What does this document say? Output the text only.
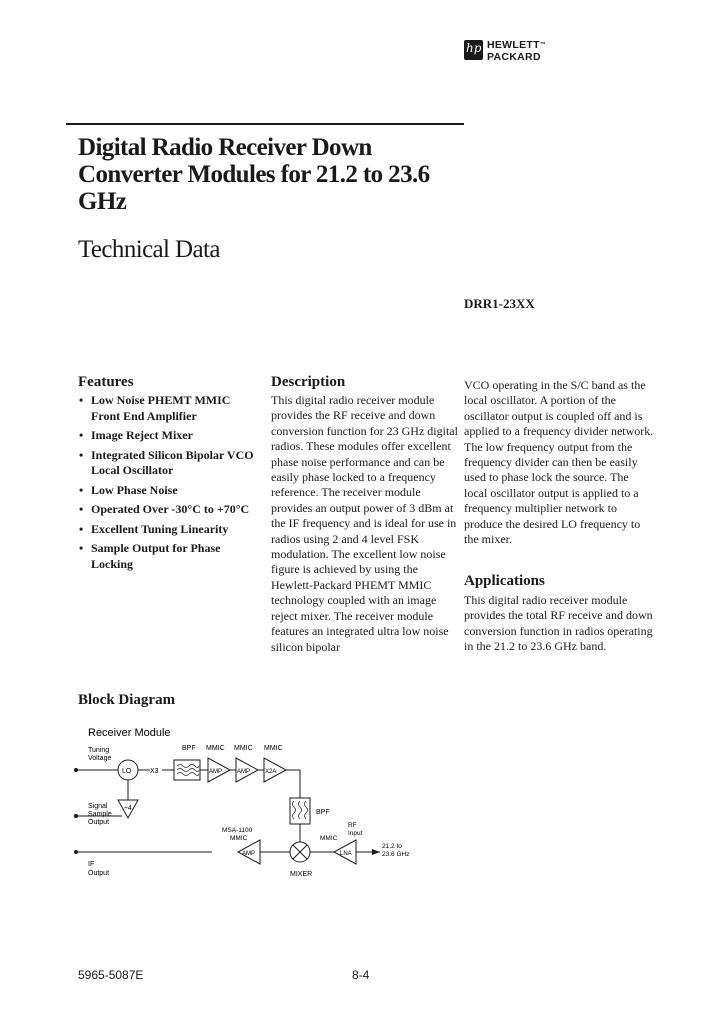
hp HEWLETT™
PACKARD
Digital Radio Receiver Down Converter Modules for 21.2 to 23.6 GHz
Technical Data
DRR1-23XX
Features
• Low Noise PHEMT MMIC Front End Amplifier
• Image Reject Mixer
• Integrated Silicon Bipolar VCO Local Oscillator
• Low Phase Noise
• Operated Over -30°C to +70°C
• Excellent Tuning Linearity
• Sample Output for Phase Locking
Description

This digital radio receiver module provides the RF receive and down conversion function for 23 GHz digital radios. These modules offer excellent phase noise performance and can be easily phase locked to a frequency reference. The receiver module provides an output power of 3 dBm at the IF frequency and is ideal for use in radios using 2 and 4 level FSK modulation. The excellent low noise figure is achieved by using the Hewlett-Packard PHEMT MMIC technology coupled with an image reject mixer. The receiver module features an integrated ultra low noise silicon bipolar

VCO operating in the S/C band as the local oscillator. A portion of the oscillator output is coupled off and is applied to a frequency divider network. The low frequency output from the frequency divider can then be easily used to phase lock the source. The local oscillator output is applied to a frequency multiplier network to produce the desired LO frequency to the mixer.

Applications

This digital radio receiver module provides the total RF receive and down conversion function in radios operating in the 21.2 to 23.6 GHz band.

Block Diagram
Receiver Module
Tuning
Voltage
LO	X3
BPF MMIC
AMP
MMIC
AMP
MMIC
X2A
BPF
÷4
Signal
Sample
Output
IF
Output
MSA-1100
MMIC
AMP
MIXER
MMIC
LNA
RF
Input
21.2 to
23.6 GHz
5965-5087E	8-4
